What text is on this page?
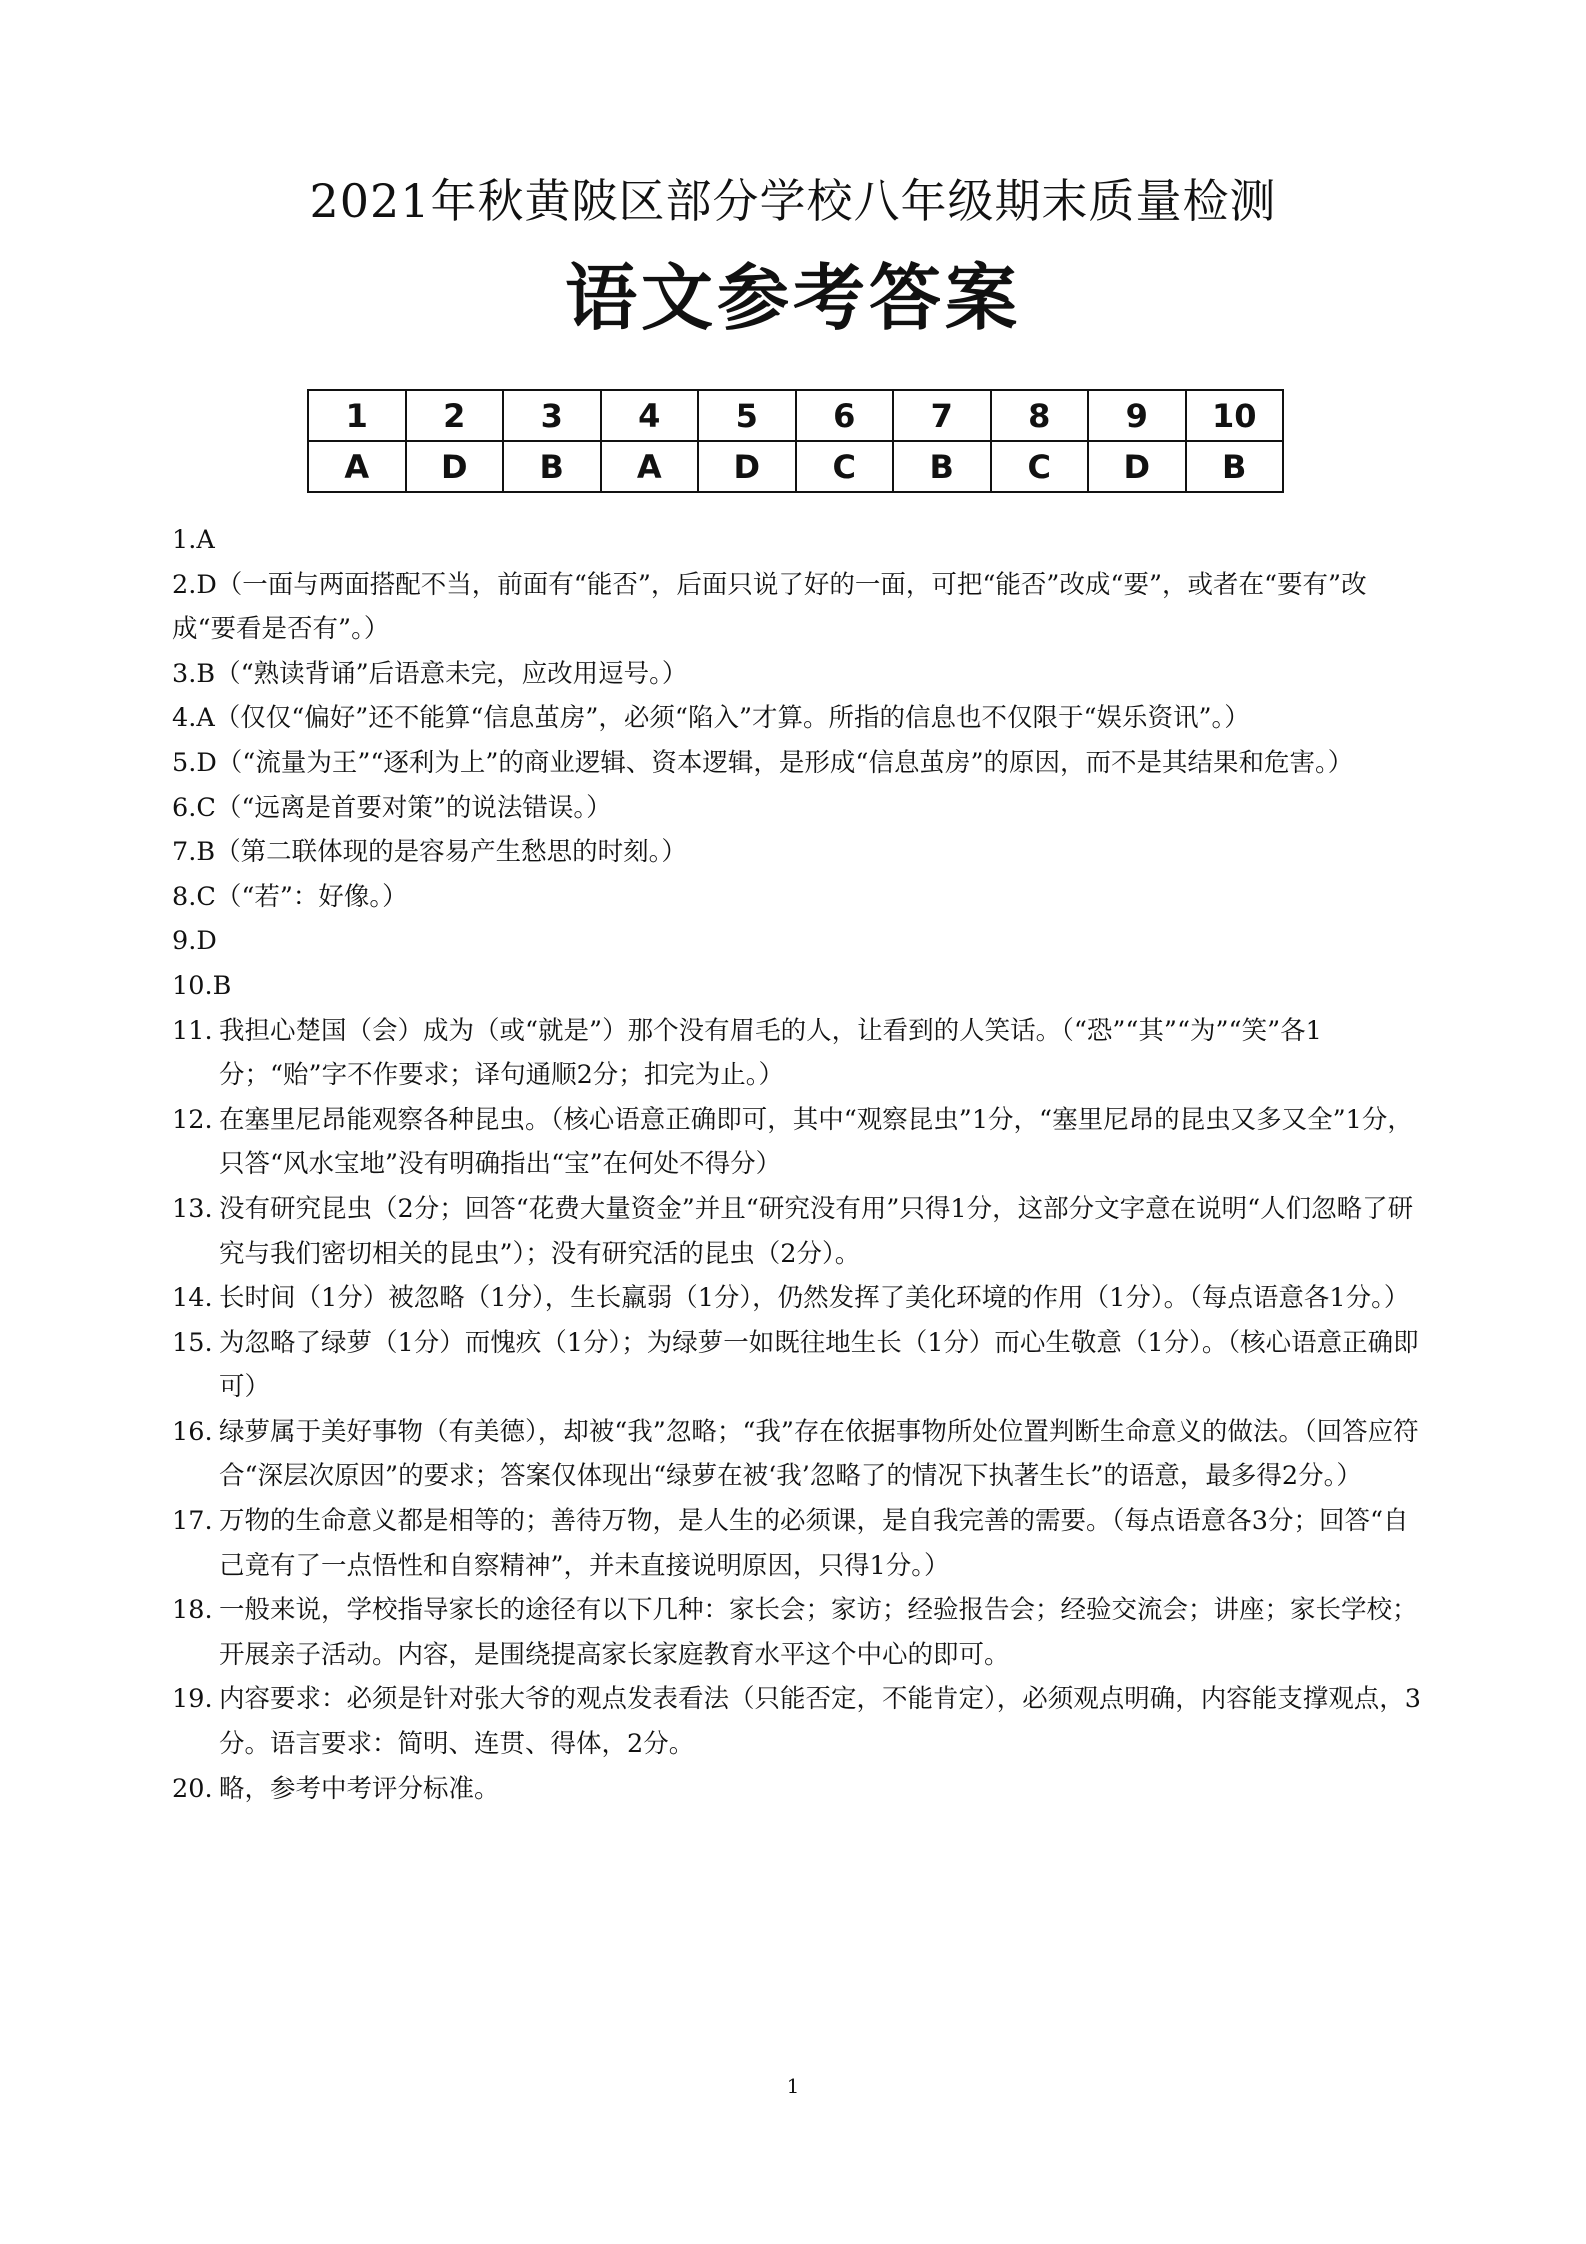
2021年秋黄陂区部分学校八年级期末质量检测
语文参考答案
1	2	3	4	5	6	7	8	9	10
A	D	B	A	D	C	B	C	D	B
1.A
2.D（一面与两面搭配不当，前面有“能否”，后面只说了好的一面，可把“能否”改成“要”，或者在“要有”改成“要看是否有”。）
3.B（“熟读背诵”后语意未完，应改用逗号。）
4.A（仅仅“偏好”还不能算“信息茧房”，必须“陷入”才算。所指的信息也不仅限于“娱乐资讯”。）
5.D（“流量为王”“逐利为上”的商业逻辑、资本逻辑，是形成“信息茧房”的原因，而不是其结果和危害。）
6.C（“远离是首要对策”的说法错误。）
7.B（第二联体现的是容易产生愁思的时刻。）
8.C（“若”：好像。）
9.D
10.B
11. 我担心楚国（会）成为（或“就是”）那个没有眉毛的人，让看到的人笑话。（“恐”“其”“为”“笑”各1分；“贻”字不作要求；译句通顺2分；扣完为止。）
12. 在塞里尼昂能观察各种昆虫。（核心语意正确即可，其中“观察昆虫”1分，“塞里尼昂的昆虫又多又全”1分，只答“风水宝地”没有明确指出“宝”在何处不得分）
13. 没有研究昆虫（2分；回答“花费大量资金”并且“研究没有用”只得1分，这部分文字意在说明“人们忽略了研究与我们密切相关的昆虫”）；没有研究活的昆虫（2分）。
14. 长时间（1分）被忽略（1分），生长羸弱（1分），仍然发挥了美化环境的作用（1分）。（每点语意各1分。）
15. 为忽略了绿萝（1分）而愧疚（1分）；为绿萝一如既往地生长（1分）而心生敬意（1分）。（核心语意正确即可）
16. 绿萝属于美好事物（有美德），却被“我”忽略；“我”存在依据事物所处位置判断生命意义的做法。（回答应符合“深层次原因”的要求；答案仅体现出“绿萝在被‘我’忽略了的情况下执著生长”的语意，最多得2分。）
17. 万物的生命意义都是相等的；善待万物，是人生的必须课，是自我完善的需要。（每点语意各3分；回答“自己竟有了一点悟性和自察精神”，并未直接说明原因，只得1分。）
18. 一般来说，学校指导家长的途径有以下几种：家长会；家访；经验报告会；经验交流会；讲座；家长学校；开展亲子活动。内容，是围绕提高家长家庭教育水平这个中心的即可。
19. 内容要求：必须是针对张大爷的观点发表看法（只能否定，不能肯定），必须观点明确，内容能支撑观点，3分。语言要求：简明、连贯、得体，2分。
20. 略，参考中考评分标准。
1
